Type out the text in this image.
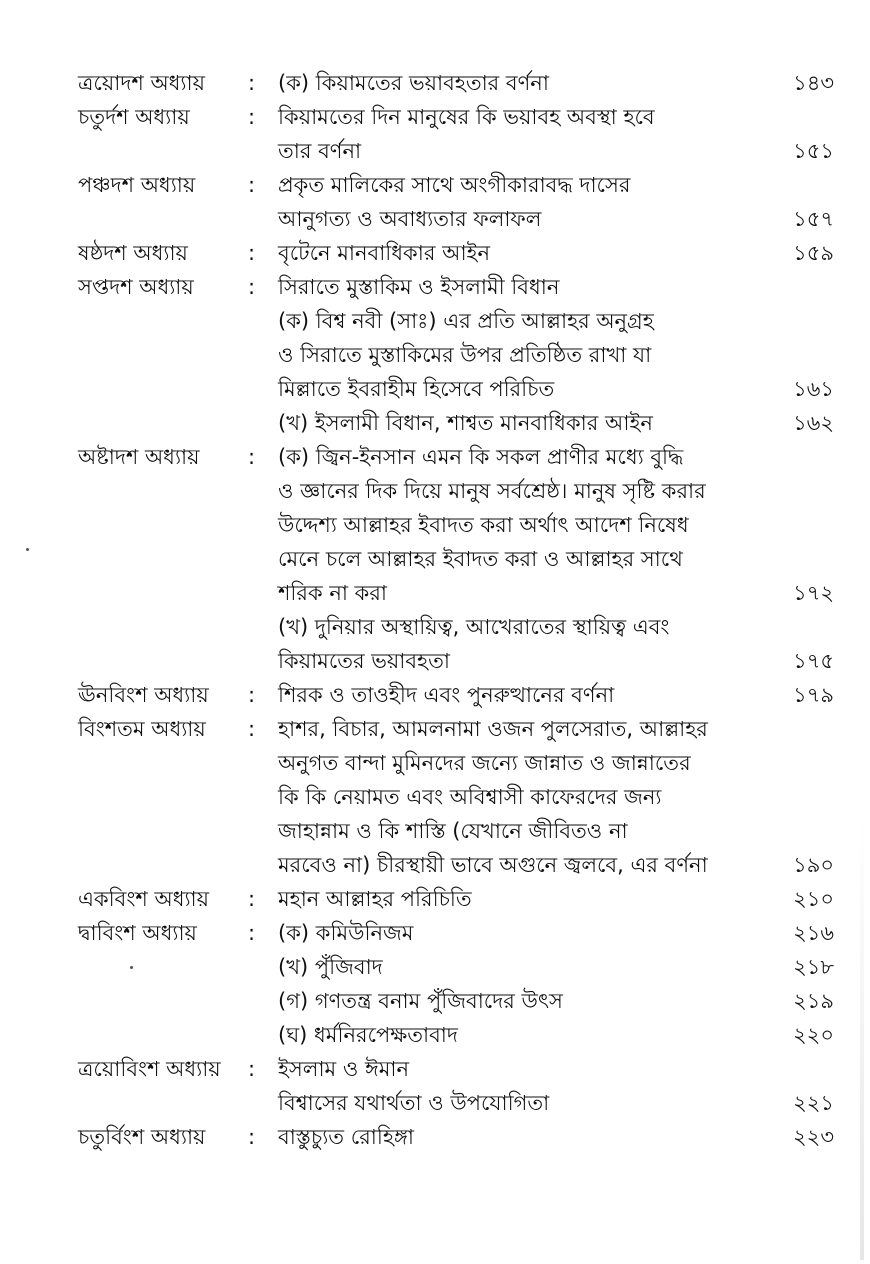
ত্রয়োদশ অধ্যায় : (ক) কিয়ামতের ভয়াবহতার বর্ণনা	১৪৩
চতুর্দশ অধ্যায়	: কিয়ামতের দিন মানুষের কি ভয়াবহ অবস্থা হবে
তার বর্ণনা	১৫১
পঞ্চদশ অধ্যায়	: প্রকৃত মালিকের সাথে অংগীকারাবদ্ধ দাসের
আনুগত্য ও অবাধ্যতার ফলাফল	১৫৭
ষষ্ঠদশ অধ্যায়	: বৃটেনে মানবাধিকার আইন	১৫৯
সপ্তদশ অধ্যায়	: সিরাতে মুস্তাকিম ও ইসলামী বিধান
(ক) বিশ্ব নবী (সাঃ) এর প্রতি আল্লাহর অনুগ্রহ
ও সিরাতে মুস্তাকিমের উপর প্রতিষ্ঠিত রাখা যা
মিল্লাতে ইবরাহীম হিসেবে পরিচিত	১৬১
(খ) ইসলামী বিধান, শাশ্বত মানবাধিকার আইন	১৬২
অষ্টাদশ অধ্যায় : (ক) জ্বিন-ইনসান এমন কি সকল প্রাণীর মধ্যে বুদ্ধি
ও জ্ঞানের দিক দিয়ে মানুষ সর্বশ্রেষ্ঠ। মানুষ সৃষ্টি করার
উদ্দেশ্য আল্লাহর ইবাদত করা অর্থাৎ আদেশ নিষেধ
মেনে চলে আল্লাহর ইবাদত করা ও আল্লাহর সাথে
শরিক না করা	১৭২
(খ) দুনিয়ার অস্থায়িত্ব, আখেরাতের স্থায়িত্ব এবং
কিয়ামতের ভয়াবহতা	১৭৫
ঊনবিংশ অধ্যায় : শিরক ও তাওহীদ এবং পুনরুত্থানের বর্ণনা	১৭৯
বিংশতম অধ্যায় : হাশর, বিচার, আমলনামা ওজন পুলসেরাত, আল্লাহর
অনুগত বান্দা মুমিনদের জন্যে জান্নাত ও জান্নাতের
কি কি নেয়ামত এবং অবিশ্বাসী কাফেরদের জন্য
জাহান্নাম ও কি শাস্তি (যেখানে জীবিতও না
মরবেও না) চীরস্থায়ী ভাবে অগুনে জ্বলবে, এর বর্ণনা	১৯০
একবিংশ অধ্যায় : মহান আল্লাহর পরিচিতি	২১০
দ্বাবিংশ অধ্যায় : (ক) কমিউনিজম	২১৬
(খ) পুঁজিবাদ	২১৮
(গ) গণতন্ত্র বনাম পুঁজিবাদের উৎস	২১৯
(ঘ) ধর্মনিরপেক্ষতাবাদ	২২০
ত্রয়োবিংশ অধ্যায় : ইসলাম ও ঈমান
বিশ্বাসের যথার্থতা ও উপযোগিতা	২২১
চতুর্বিংশ অধ্যায় : বাস্তুচ্যুত রোহিঙ্গা	২২৩
